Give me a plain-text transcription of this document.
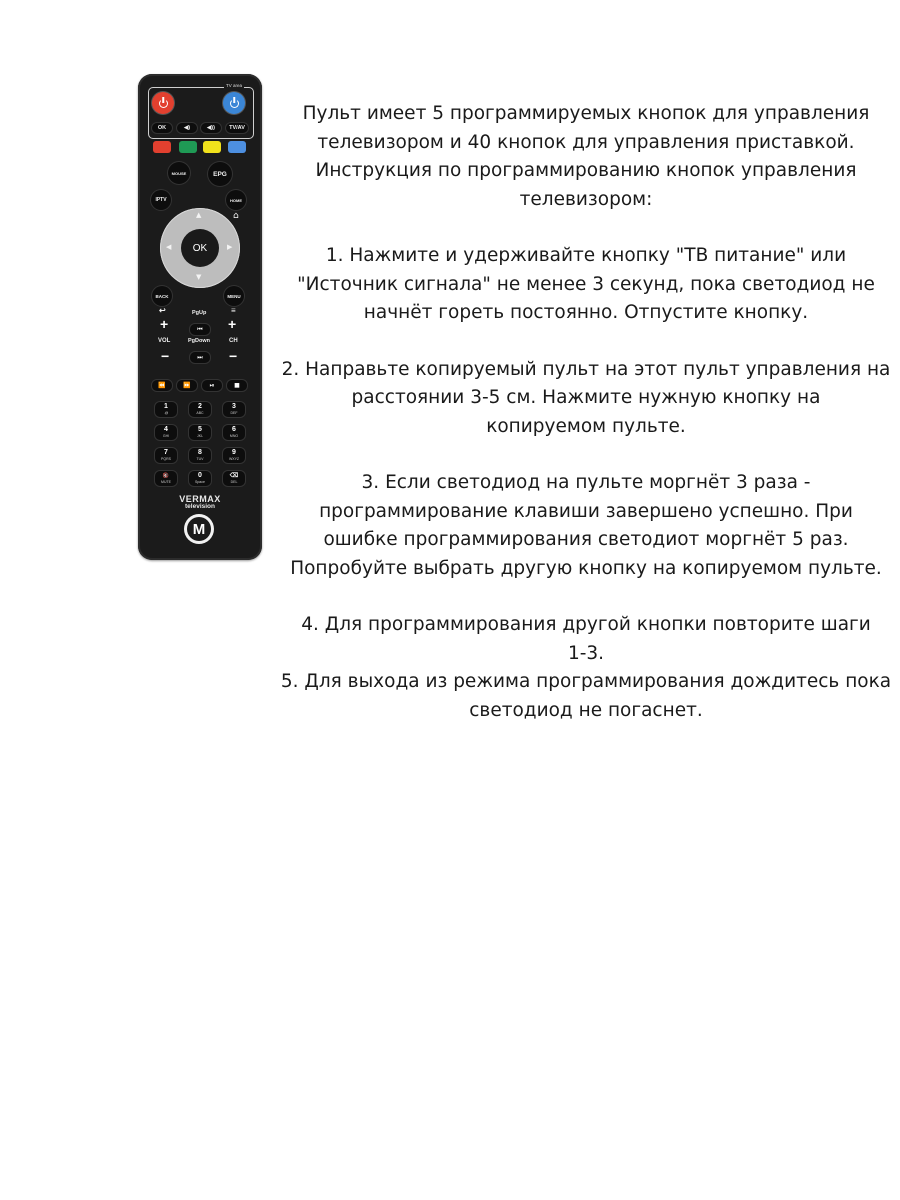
TV area
OK	◀)	◀))	TV/AV
MOUSE	EPG
IPTV	HOME
⌂
▲
▼
◀	▶
OK
BACK
↩
MENU
≡
PgUp
⏮
PgDown
⏭
+
VOL
−
+
CH
−
⏪	⏩	⏯	■
1
.@
2
ABC
3
DEF
4
GHI
5
JKL
6
MNO
7
PQRS
8
TUV
9
WXYZ
🔇
MUTE
0
Space
⌫
DEL
VERMAX
television
M

Пульт имеет 5 программируемых кнопок для управления

телевизором и 40 кнопок для управления приставкой.

Инструкция по программированию кнопок управления

телевизором:

1. Нажмите и удерживайте кнопку "ТВ питание" или

"Источник сигнала" не менее 3 секунд, пока светодиод не

начнёт гореть постоянно. Отпустите кнопку.

2. Направьте копируемый пульт на этот пульт управления на

расстоянии 3-5 см. Нажмите нужную кнопку на

копируемом пульте.

3. Если светодиод на пульте моргнёт 3 раза -

программирование клавиши завершено успешно. При

ошибке программирования светодиот моргнёт 5 раз.

Попробуйте выбрать другую кнопку на копируемом пульте.

4. Для программирования другой кнопки повторите шаги

1-3.

5. Для выхода из режима программирования дождитесь пока

светодиод не погаснет.
